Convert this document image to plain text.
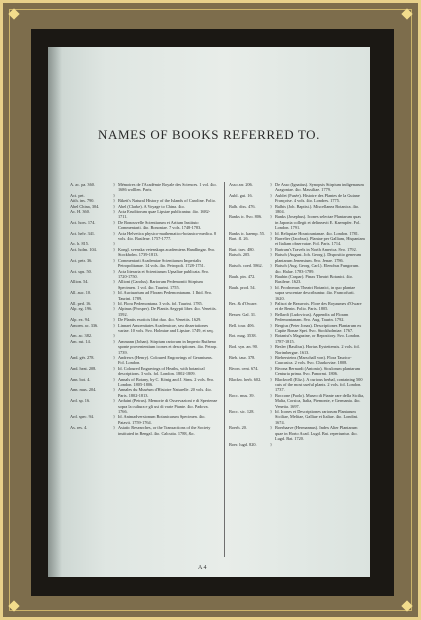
NAMES OF BOOKS REFERRED TO.
A. ac. pa. 360.	} Mémoires de l'Académie Royale des Sciences. 1 vol. 4to. 1686 wolllen. Paris.
Act. pet.	}
Aith. ins. 790.	} Bikett's Natural History of the Islands of Caroline. Folio.
Abel China, 304.	} Abel (Clarke). A Voyage to China. 4to.
Ac. H. 360.	} Acta Eruditorum quae Lipsiae publicantur. 4to. 1682-1711.
Act. hors. 174.	} De Bonouvelle Scientiarum et Artium Instituto Commentarii. 4to. Bononiae. 7 vols. 1748-1783.
Act. helv. 341.	} Acta Helvetica physico-mathematico-botanico-medica. 8 vols. 4to. Basileae. 1757-1777.
Ac. h. 815.	}
Act. holm. 104.	} Kongl. svenska vetenskaps academiens Handlingar. 8vo. Stockholm. 1739-1813.
Act. petr. 36.	} Commentarii Academiae Scientiarum Imperialis Petropolitanae. 14 vols. 4to. Petropoli. 1728-1751.
Act. ups. 50.	} Acta literaria et Scientiarum Upsaliae publicata. 8vo. 1720-1750.
Allion. 54.	} Allioni (Carolus). Rariorum Pedemontii Stirpium Specimen. 1 vol. 4to. Taurini. 1755.
All. auc. 10.	} Id. Auctuarium ad Floram Pedemontanam. 1 Ibid. 8vo. Taurini. 1789.
All. ped. 16.	} Id. Flora Pedemontana. 3 vols. fol. Taurini. 1785.
Alp. eg. 196.	} Alpinus (Prosper). De Plantis Aegypti liber. 4to. Venetiis. 1592.
Alp. ex. 94.	} De Plantis exoticis libri duo. 4to. Venetiis. 1629.
Amoen. ac. 336.	} Linnaei Amoenitates Academicae, seu dissertationes variae. 10 vols. 8vo. Holmiae and Lipsiae. 1749, et seq.
Am. ac. 382.	}
Am. rut. 14.	} Ammann (Johan). Stirpium rariorum in Imperio Rutheno sponte provenientium icones et descriptiones. 4to. Petrop. 1739.
And. gér. 278.	} Andrews (Henry). Coloured Engravings of Geraniums. Fol. London.
And. heat. 208.	} Id. Coloured Engravings of Heaths, with botanical descriptions. 3 vols. fol. London. 1802-1809.
Ann. bot. 4.	} Annals of Botany, by C. König and J. Sims. 2 vols. 8vo. London. 1805-1806.
Ann. mus. 204.	} Annales du Muséum d'Histoire Naturelle. 20 vols. 4to. Paris. 1802-1813.
Ard. sp. 16.	} Arduini (Petrus). Memorie di Osservazioni e di Sperienze sopra la cultura e gli usi di varie Piante. 4to. Padova. 1766.
Ard. spec. 94.	} Id. Animadversionum Botanicarum Specimen. 4to. Patavii. 1759-1764.
As. res. 4.	} Asiatic Researches, or the Transactions of the Society instituted in Bengal. 4to. Calcutta. 1788, &c.
Asso arr. 206.	} De Asso (Ignatius). Synopsis Stirpium indigenarum Aragoniae. 4to. Massiliae. 1779.
Aubl. gui. 16.	} Aublet (Fusée). Histoire des Plantes de la Guiane Françoise. 4 vols. 4to. Londres. 1775.
Balb. diss. 476.	} Balbis (Joh. Baptist.). Miscellanea Botanica. 4to. 1804.
Banks ic. 8vo. 806.	} Banks (Josephus). Icones selectae Plantarum quas in Japonia collegit et delineavit E. Kaempfer. Fol. London. 1791.
Banks ic. kaemp. 55.	} Id. Reliquiae Houstounianae. 4to. London. 1781.
Bart. fl. 26.	} Barrelier (Jacobus). Plantae per Galliam, Hispaniam et Italiam observatae. Fol. Paris. 1714.
Bart. trav. 480.	} Bartram's Travels in North America. 8vo. 1792.
Batsch. 205.	} Batsch (August. Joh. Georg.). Dispositio generum plantarum Jenensium. 8vo. Jenae. 1786.
Batsch. coed. 5862.	} Batsch (Aug. Georg. Carl.). Elenchus Fungorum. 4to. Halae. 1783-1789.
Bauh. pin. 472.	} Bauhin (Caspar). Pinax Theatri Botanici. 4to. Basileae. 1623.
Bauh. prod. 54.	} Id. Prodromus Theatri Botanici, in quo plantae supra sexcentae describuntur. 4to. Francofurti. 1620.
Bes. & d'Oware.	} Palisot de Beauvois. Flore des Royaumes d'Oware et de Benin. Folio. Paris. 1805.
Besser. Gal. 31.	} Bellardi (Ludovicus). Appendix ad Floram Pedemontanam. 8vo. Aug. Taurin. 1792.
Bell. tour. 406.	} Bergius (Peter Jonas). Descriptiones Plantarum ex Capite Bonae Spei. 8vo. Stockholmiae. 1767.
Bot. mag. 3538.	} Botanist's Magazine, or Repository. 8vo. London. 1787-1815.
Bod. syn. an. 90.	} Besler (Basilius). Hortus Eystettensis. 2 vols. fol. Norimbergae. 1613.
Bieb. taur. 378.	} Biebersteins (Marschall von). Flora Taurico-Caucasica. 2 vols. 8vo. Charkoviae. 1808.
Bivon. cent. 674.	} Bivona Bernardi (Antonio). Siculorum plantarum Centuria prima. 8vo. Panormi. 1806.
Blackw. herb. 602.	} Blackwell (Eliz.). A curious herbal, containing 500 cuts of the most useful plants. 2 vols. fol. London. 1737.
Bocc. mus. 39.	} Boccone (Paolo). Museo di Piante rare della Sicilia, Malta, Corsica, Italia, Piemonte, e Germania. 4to. Venetia. 1697.
Bocc. sic. 128.	} Id. Icones et Descriptiones rariorum Plantarum Siciliae, Melitae, Galliae et Italiae. 4to. Londini. 1674.
Boerh. 20.	} Boerhaave (Hermannus). Index Alter Plantarum quae in Horto Acad. Lugd. Bat. reperiuntur. 4to. Lugd. Bat. 1720.
Boer. lugd. 820.	}
A 4
